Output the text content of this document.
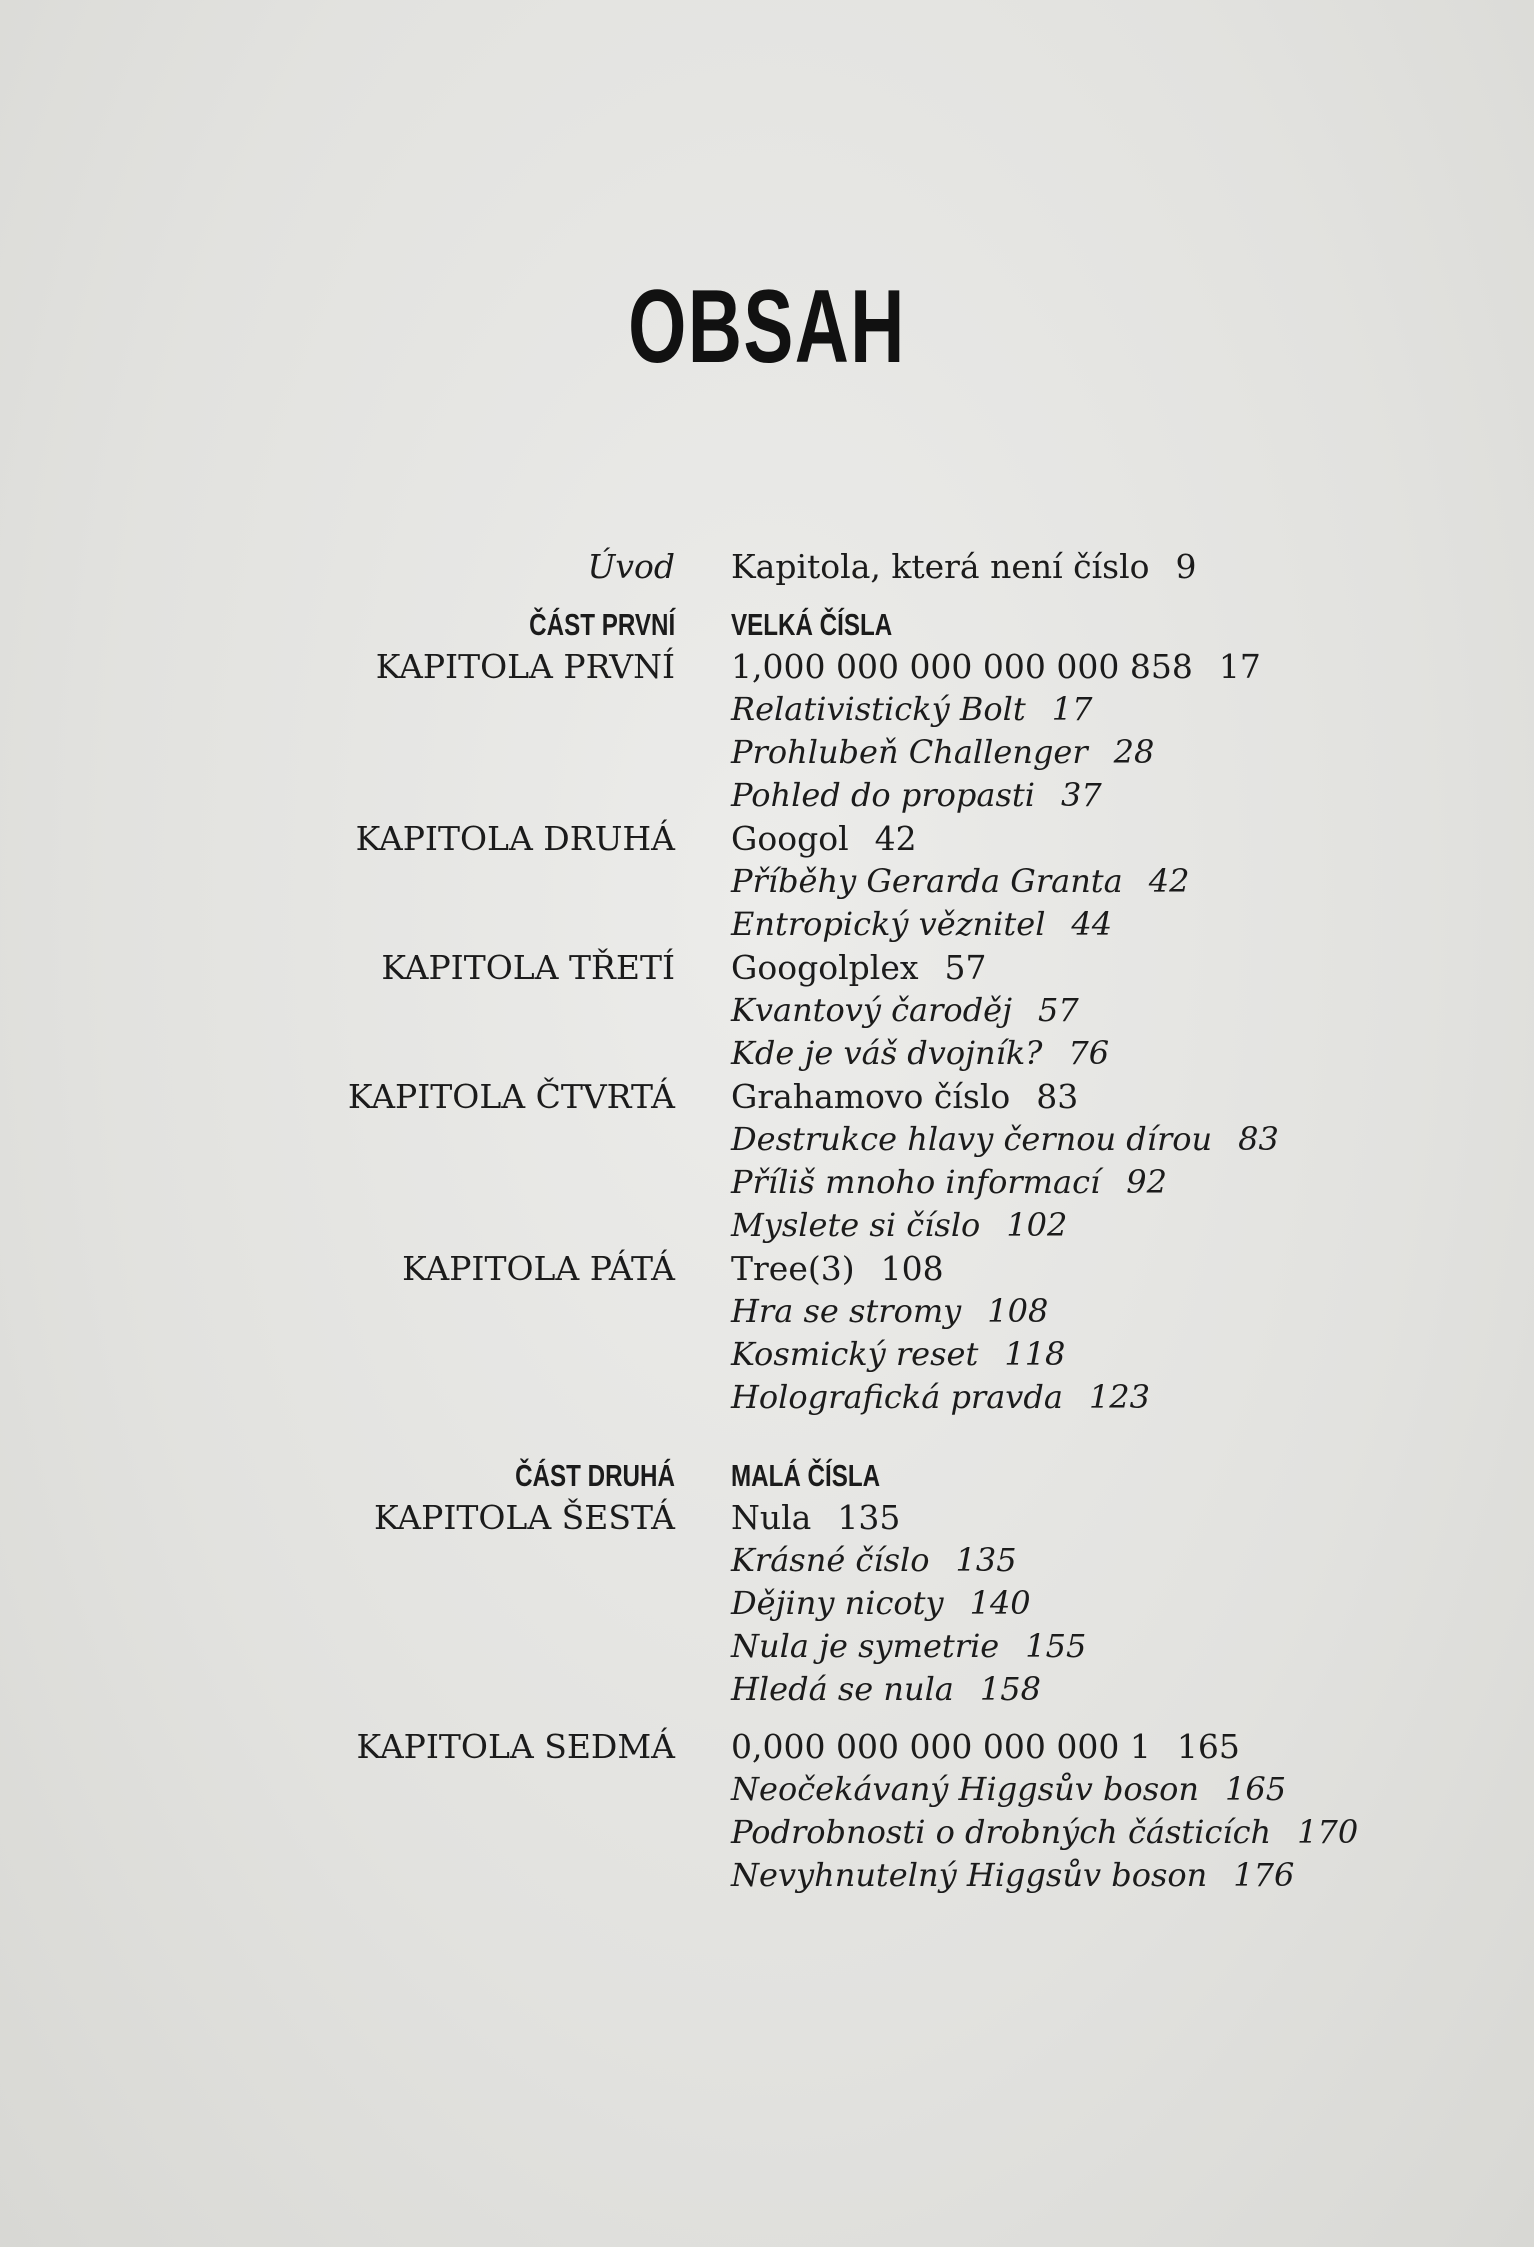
OBSAH
Úvod Kapitola, která není číslo 9
ČÁST PRVNÍ VELKÁ ČÍSLA
KAPITOLA PRVNÍ 1,000 000 000 000 000 858 17
Relativistický Bolt 17
Prohlubeň Challenger 28
Pohled do propasti 37
KAPITOLA DRUHÁ Googol 42
Příběhy Gerarda Granta 42
Entropický věznitel 44
KAPITOLA TŘETÍ Googolplex 57
Kvantový čaroděj 57
Kde je váš dvojník? 76
KAPITOLA ČTVRTÁ Grahamovo číslo 83
Destrukce hlavy černou dírou 83
Příliš mnoho informací 92
Myslete si číslo 102
KAPITOLA PÁTÁ Tree(3) 108
Hra se stromy 108
Kosmický reset 118
Holografická pravda 123
ČÁST DRUHÁ MALÁ ČÍSLA
KAPITOLA ŠESTÁ Nula 135
Krásné číslo 135
Dějiny nicoty 140
Nula je symetrie 155
Hledá se nula 158
KAPITOLA SEDMÁ 0,000 000 000 000 000 1 165
Neočekávaný Higgsův boson 165
Podrobnosti o drobných částicích 170
Nevyhnutelný Higgsův boson 176
